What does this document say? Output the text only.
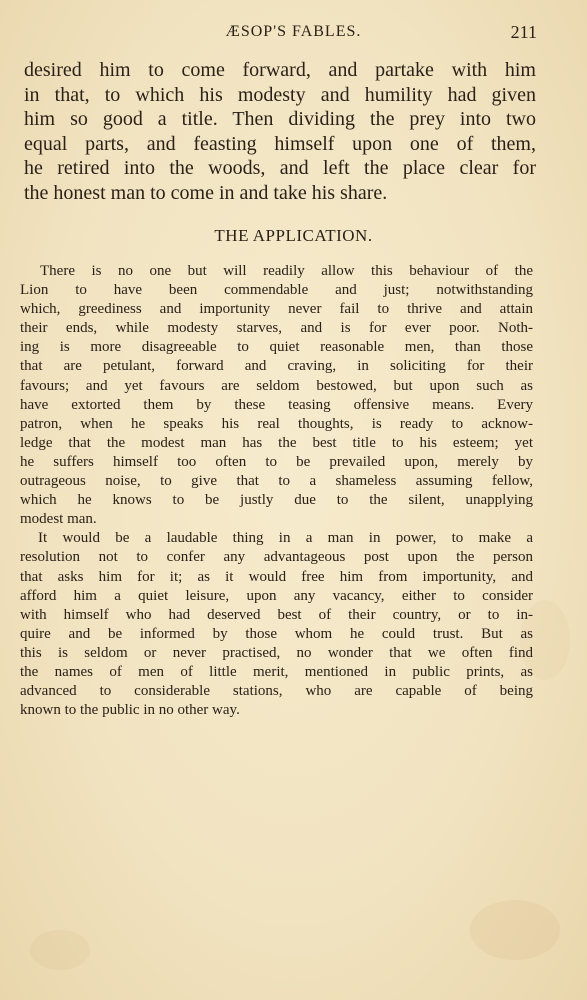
ÆSOP'S FABLES.	211
desired him to come forward, and partake with him
in that, to which his modesty and humility had given
him so good a title. Then dividing the prey into two
equal parts, and feasting himself upon one of them,
he retired into the woods, and left the place clear for
the honest man to come in and take his share.
THE APPLICATION.
There is no one but will readily allow this behaviour of the
Lion to have been commendable and just; notwithstanding
which, greediness and importunity never fail to thrive and attain
their ends, while modesty starves, and is for ever poor. Noth-
ing is more disagreeable to quiet reasonable men, than those
that are petulant, forward and craving, in soliciting for their
favours; and yet favours are seldom bestowed, but upon such as
have extorted them by these teasing offensive means. Every
patron, when he speaks his real thoughts, is ready to acknow-
ledge that the modest man has the best title to his esteem; yet
he suffers himself too often to be prevailed upon, merely by
outrageous noise, to give that to a shameless assuming fellow,
which he knows to be justly due to the silent, unapplying
modest man.
It would be a laudable thing in a man in power, to make a
resolution not to confer any advantageous post upon the person
that asks him for it; as it would free him from importunity, and
afford him a quiet leisure, upon any vacancy, either to consider
with himself who had deserved best of their country, or to in-
quire and be informed by those whom he could trust. But as
this is seldom or never practised, no wonder that we often find
the names of men of little merit, mentioned in public prints, as
advanced to considerable stations, who are capable of being
known to the public in no other way.
